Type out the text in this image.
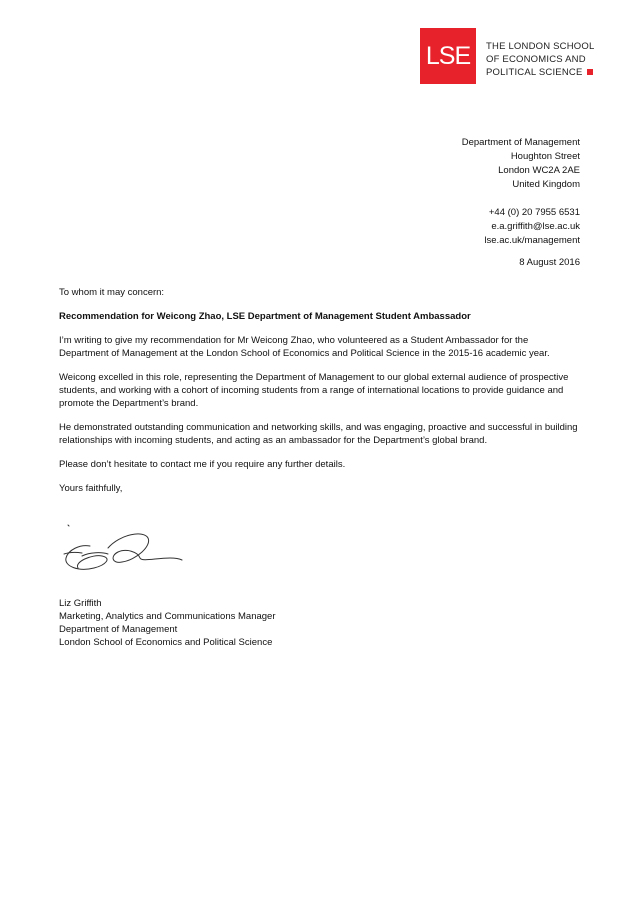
LSE THE LONDON SCHOOL
OF ECONOMICS AND
POLITICAL SCIENCE
Department of Management
Houghton Street
London WC2A 2AE
United Kingdom
+44 (0) 20 7955 6531
e.a.griffith@lse.ac.uk
lse.ac.uk/management
8 August 2016

To whom it may concern:

Recommendation for Weicong Zhao, LSE Department of Management Student Ambassador

I’m writing to give my recommendation for Mr Weicong Zhao, who volunteered as a Student Ambassador for the Department of Management at the London School of Economics and Political Science in the 2015-16 academic year.

Weicong excelled in this role, representing the Department of Management to our global external audience of prospective students, and working with a cohort of incoming students from a range of international locations to provide guidance and promote the Department’s brand.

He demonstrated outstanding communication and networking skills, and was engaging, proactive and successful in building relationships with incoming students, and acting as an ambassador for the Department’s global brand.

Please don’t hesitate to contact me if you require any further details.

Yours faithfully,

Liz Griffith
Marketing, Analytics and Communications Manager
Department of Management
London School of Economics and Political Science
